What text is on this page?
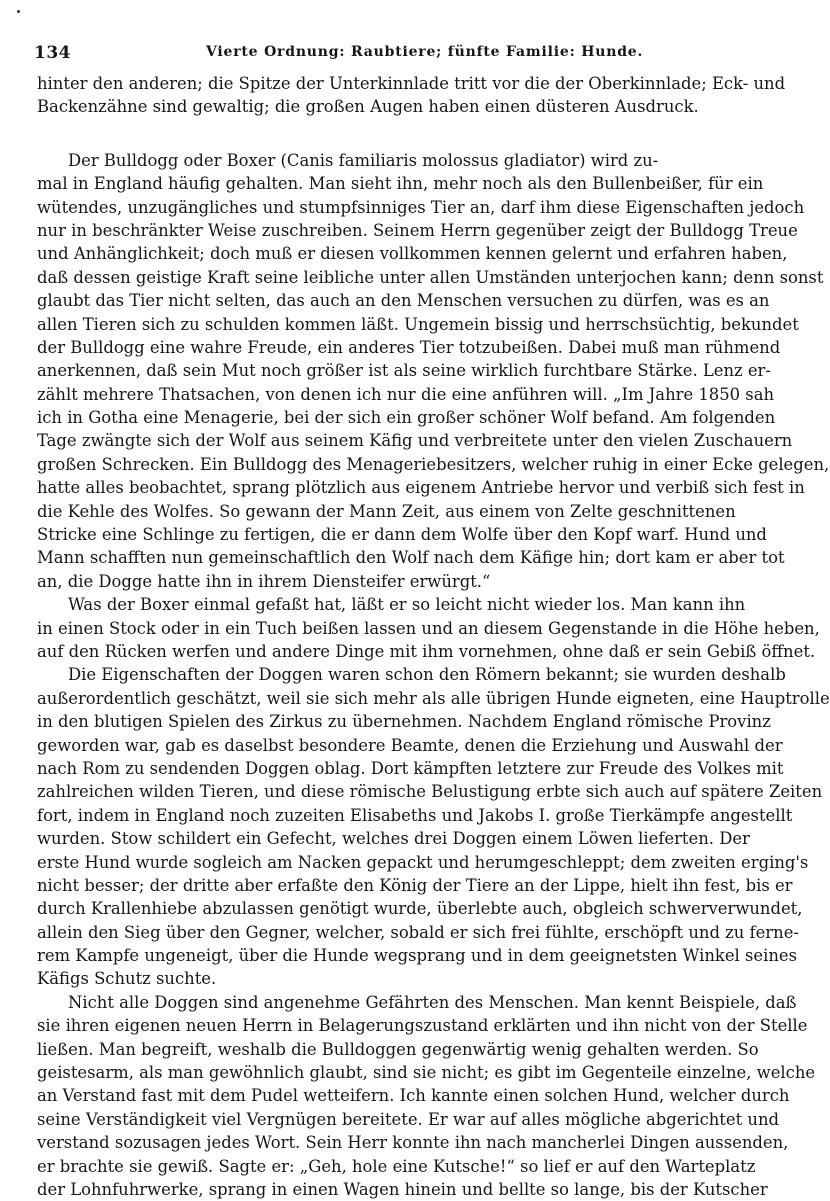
134	Vierte Ordnung: Raubtiere; fünfte Familie: Hunde.
hinter den anderen; die Spitze der Unterkinnlade tritt vor die der Oberkinnlade; Eck- und
Backenzähne sind gewaltig; die großen Augen haben einen düsteren Ausdruck.
Der Bulldogg oder Boxer (Canis familiaris molossus gladiator) wird zu-
mal in England häufig gehalten. Man sieht ihn, mehr noch als den Bullenbeißer, für ein
wütendes, unzugängliches und stumpfsinniges Tier an, darf ihm diese Eigenschaften jedoch
nur in beschränkter Weise zuschreiben. Seinem Herrn gegenüber zeigt der Bulldogg Treue
und Anhänglichkeit; doch muß er diesen vollkommen kennen gelernt und erfahren haben,
daß dessen geistige Kraft seine leibliche unter allen Umständen unterjochen kann; denn sonst
glaubt das Tier nicht selten, das auch an den Menschen versuchen zu dürfen, was es an
allen Tieren sich zu schulden kommen läßt. Ungemein bissig und herrschsüchtig, bekundet
der Bulldogg eine wahre Freude, ein anderes Tier totzubeißen. Dabei muß man rühmend
anerkennen, daß sein Mut noch größer ist als seine wirklich furchtbare Stärke. Lenz er-
zählt mehrere Thatsachen, von denen ich nur die eine anführen will. „Im Jahre 1850 sah
ich in Gotha eine Menagerie, bei der sich ein großer schöner Wolf befand. Am folgenden
Tage zwängte sich der Wolf aus seinem Käfig und verbreitete unter den vielen Zuschauern
großen Schrecken. Ein Bulldogg des Menageriebesitzers, welcher ruhig in einer Ecke gelegen,
hatte alles beobachtet, sprang plötzlich aus eigenem Antriebe hervor und verbiß sich fest in
die Kehle des Wolfes. So gewann der Mann Zeit, aus einem von Zelte geschnittenen
Stricke eine Schlinge zu fertigen, die er dann dem Wolfe über den Kopf warf. Hund und
Mann schafften nun gemeinschaftlich den Wolf nach dem Käfige hin; dort kam er aber tot
an, die Dogge hatte ihn in ihrem Diensteifer erwürgt.“
Was der Boxer einmal gefaßt hat, läßt er so leicht nicht wieder los. Man kann ihn
in einen Stock oder in ein Tuch beißen lassen und an diesem Gegenstande in die Höhe heben,
auf den Rücken werfen und andere Dinge mit ihm vornehmen, ohne daß er sein Gebiß öffnet.
Die Eigenschaften der Doggen waren schon den Römern bekannt; sie wurden deshalb
außerordentlich geschätzt, weil sie sich mehr als alle übrigen Hunde eigneten, eine Hauptrolle
in den blutigen Spielen des Zirkus zu übernehmen. Nachdem England römische Provinz
geworden war, gab es daselbst besondere Beamte, denen die Erziehung und Auswahl der
nach Rom zu sendenden Doggen oblag. Dort kämpften letztere zur Freude des Volkes mit
zahlreichen wilden Tieren, und diese römische Belustigung erbte sich auch auf spätere Zeiten
fort, indem in England noch zuzeiten Elisabeths und Jakobs I. große Tierkämpfe angestellt
wurden. Stow schildert ein Gefecht, welches drei Doggen einem Löwen lieferten. Der
erste Hund wurde sogleich am Nacken gepackt und herumgeschleppt; dem zweiten erging's
nicht besser; der dritte aber erfaßte den König der Tiere an der Lippe, hielt ihn fest, bis er
durch Krallenhiebe abzulassen genötigt wurde, überlebte auch, obgleich schwerverwundet,
allein den Sieg über den Gegner, welcher, sobald er sich frei fühlte, erschöpft und zu ferne-
rem Kampfe ungeneigt, über die Hunde wegsprang und in dem geeignetsten Winkel seines
Käfigs Schutz suchte.
Nicht alle Doggen sind angenehme Gefährten des Menschen. Man kennt Beispiele, daß
sie ihren eigenen neuen Herrn in Belagerungszustand erklärten und ihn nicht von der Stelle
ließen. Man begreift, weshalb die Bulldoggen gegenwärtig wenig gehalten werden. So
geistesarm, als man gewöhnlich glaubt, sind sie nicht; es gibt im Gegenteile einzelne, welche
an Verstand fast mit dem Pudel wetteifern. Ich kannte einen solchen Hund, welcher durch
seine Verständigkeit viel Vergnügen bereitete. Er war auf alles mögliche abgerichtet und
verstand sozusagen jedes Wort. Sein Herr konnte ihn nach mancherlei Dingen aussenden,
er brachte sie gewiß. Sagte er: „Geh, hole eine Kutsche!“ so lief er auf den Warteplatz
der Lohnfuhrwerke, sprang in einen Wagen hinein und bellte so lange, bis der Kutscher
